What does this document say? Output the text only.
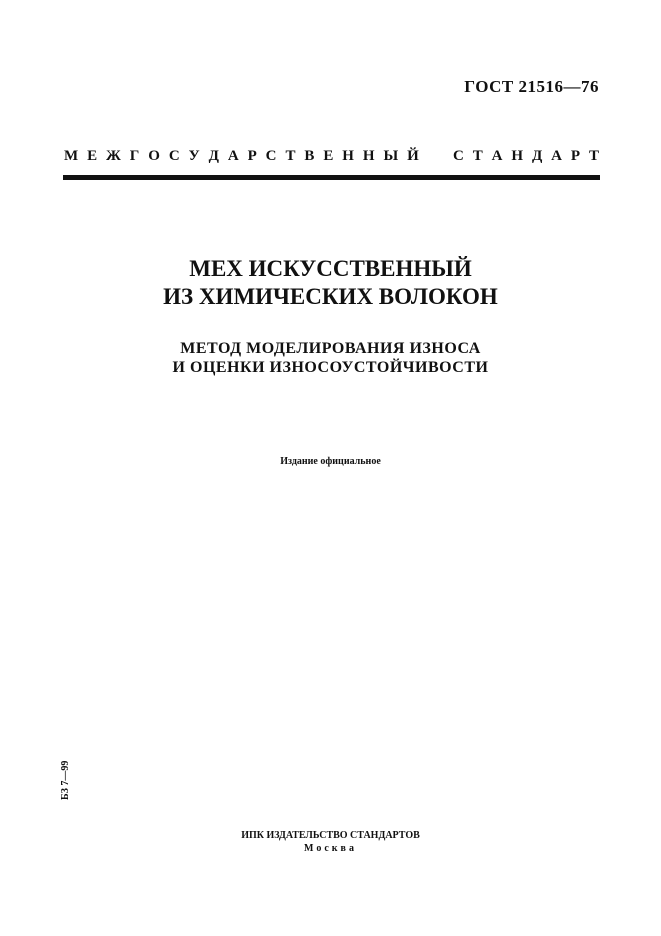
ГОСТ 21516—76
М Е Ж Г О С У Д А Р С Т В Е Н Н Ы Й С Т А Н Д А Р Т
МЕХ ИСКУССТВЕННЫЙ
ИЗ ХИМИЧЕСКИХ ВОЛОКОН
МЕТОД МОДЕЛИРОВАНИЯ ИЗНОСА
И ОЦЕНКИ ИЗНОСОУСТОЙЧИВОСТИ
Издание официальное
БЗ 7—99
ИПК ИЗДАТЕЛЬСТВО СТАНДАРТОВ
Москва
